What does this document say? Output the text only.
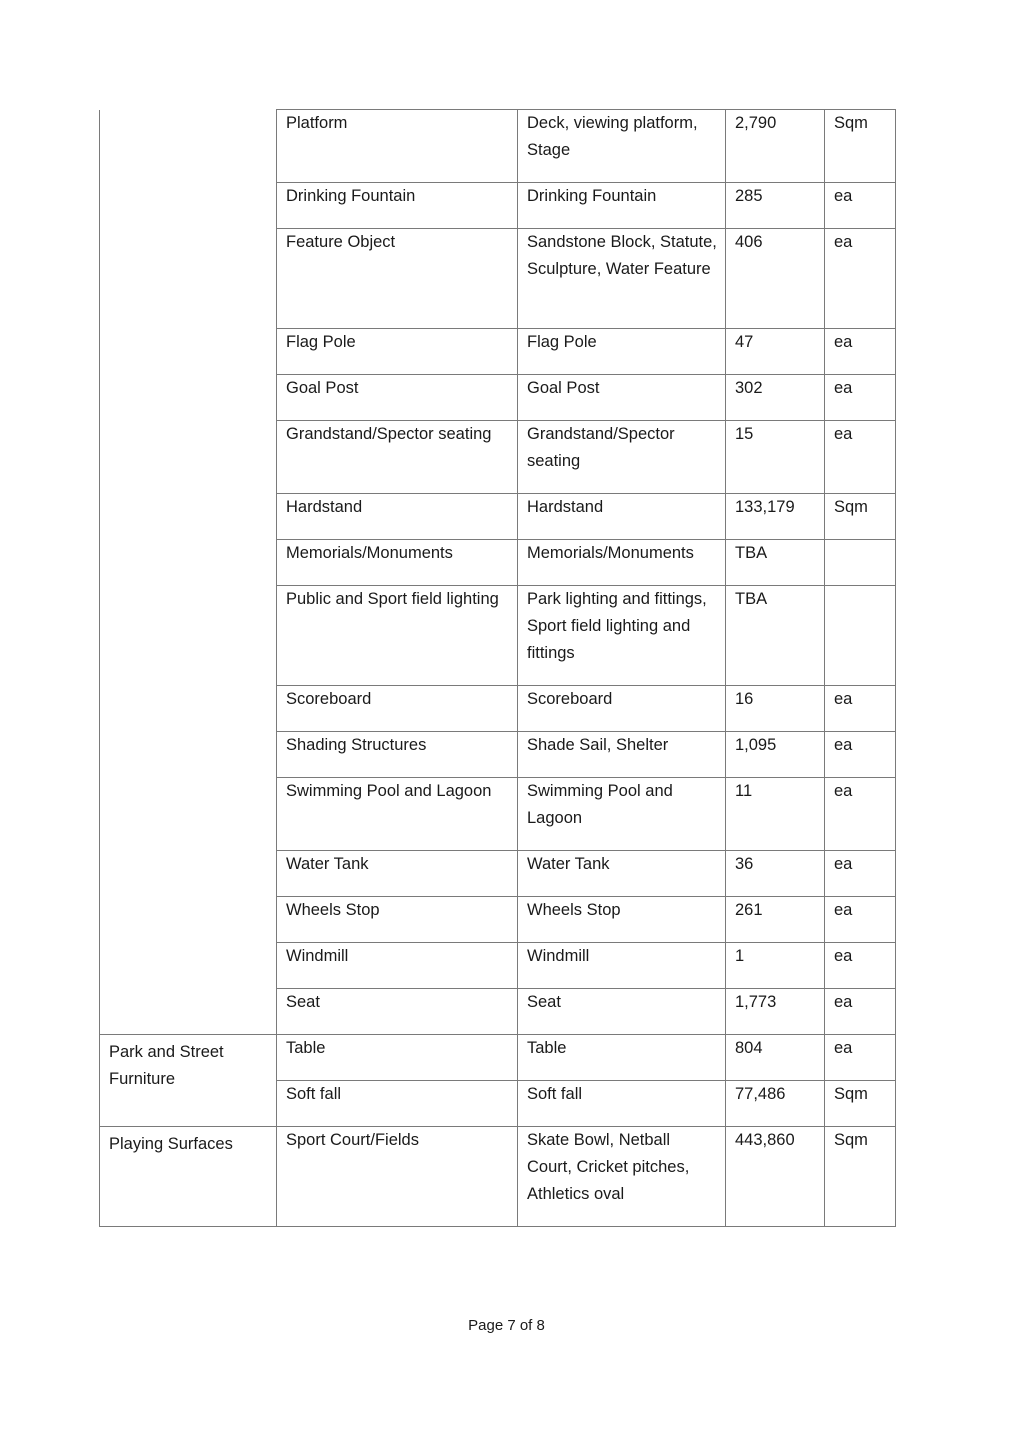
	Platform	Deck, viewing platform, Stage	2,790	Sqm
	Drinking Fountain	Drinking Fountain	285	ea
	Feature Object	Sandstone Block, Statute, Sculpture, Water Feature	406	ea
	Flag Pole	Flag Pole	47	ea
	Goal Post	Goal Post	302	ea
	Grandstand/Spector seating	Grandstand/Spector seating	15	ea
	Hardstand	Hardstand	133,179	Sqm
	Memorials/Monuments	Memorials/Monuments	TBA	
	Public and Sport field lighting	Park lighting and fittings, Sport field lighting and fittings	TBA	
	Scoreboard	Scoreboard	16	ea
	Shading Structures	Shade Sail, Shelter	1,095	ea
	Swimming Pool and Lagoon	Swimming Pool and Lagoon	11	ea
	Water Tank	Water Tank	36	ea
	Wheels Stop	Wheels Stop	261	ea
	Windmill	Windmill	1	ea
	Seat	Seat	1,773	ea

Park and Street Furniture	Table	Table	804	ea
	Soft fall	Soft fall	77,486	Sqm

Playing Surfaces	Sport Court/Fields	Skate Bowl, Netball Court, Cricket pitches, Athletics oval	443,860	Sqm
Page 7 of 8
